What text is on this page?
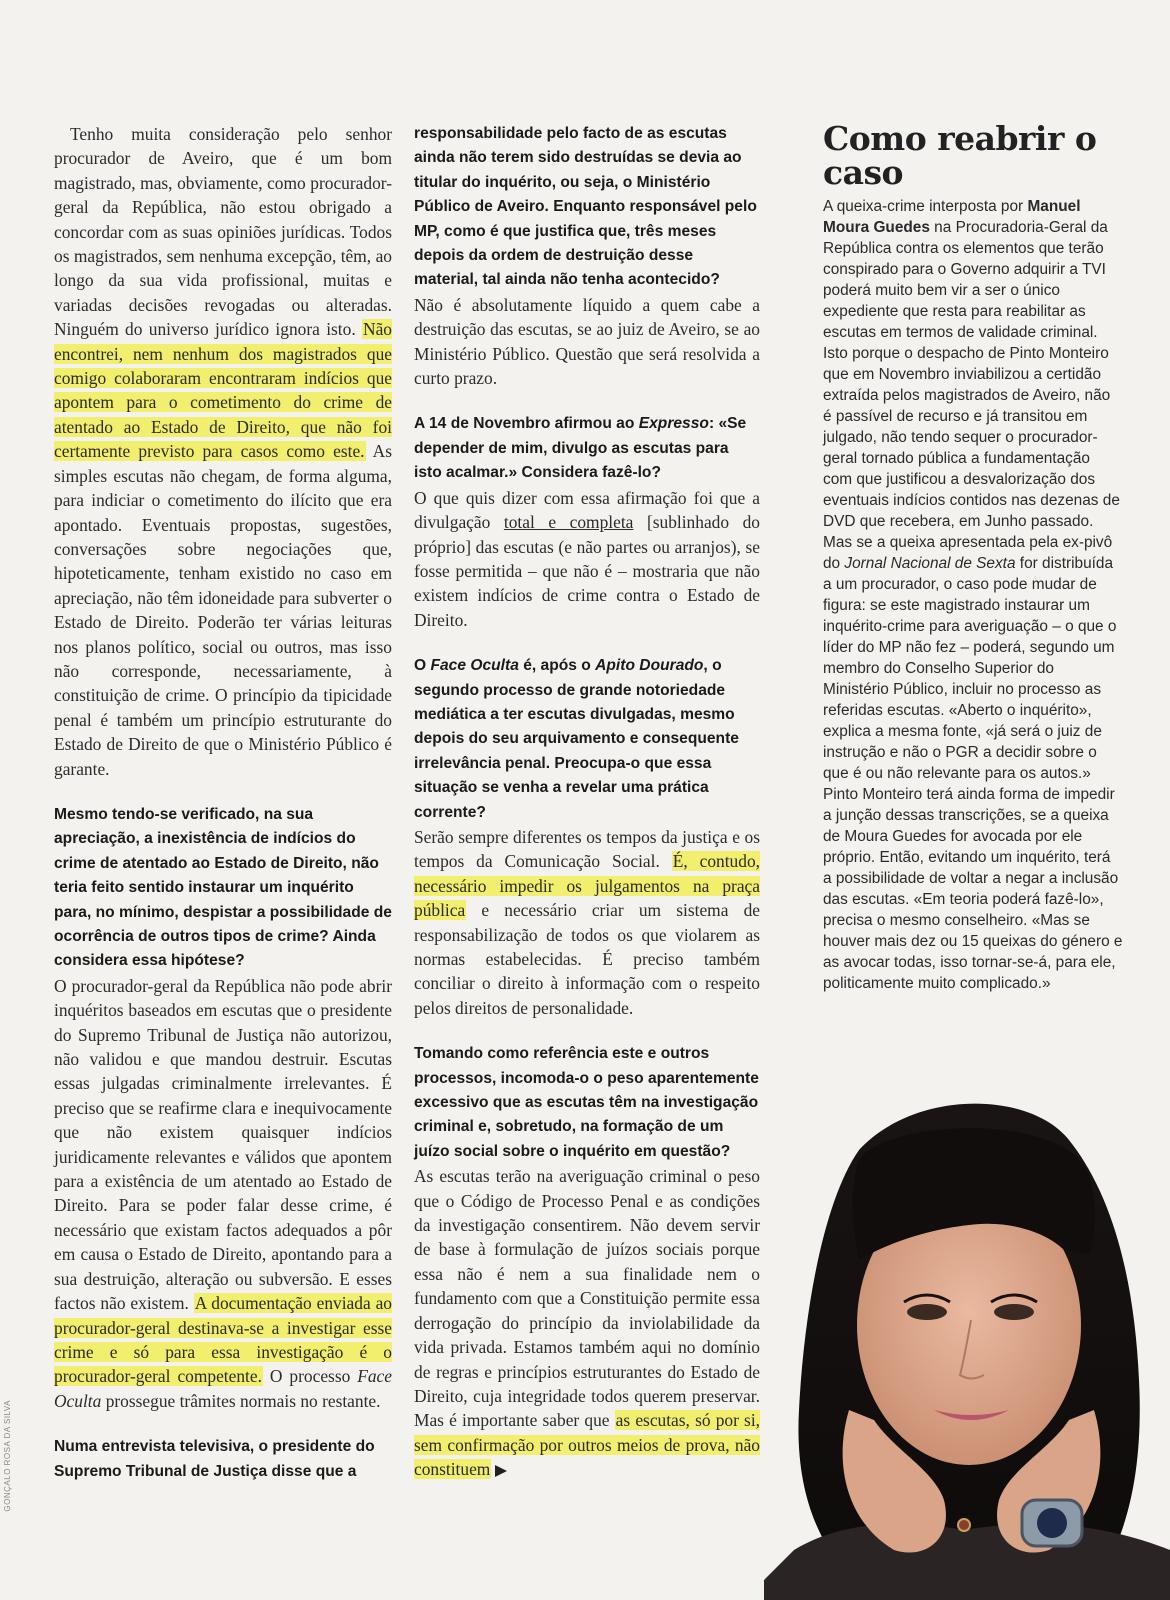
GONÇALO ROSA DA SILVA

Tenho muita consideração pelo senhor procurador de Aveiro, que é um bom magistrado, mas, obviamente, como procurador-geral da República, não estou obrigado a concordar com as suas opiniões jurídicas. Todos os magistrados, sem nenhuma excepção, têm, ao longo da sua vida profissional, muitas e variadas decisões revogadas ou alteradas. Ninguém do universo jurídico ignora isto. Não encontrei, nem nenhum dos magistrados que comigo colaboraram encontraram indícios que apontem para o cometimento do crime de atentado ao Estado de Direito, que não foi certamente previsto para casos como este. As simples escutas não chegam, de forma alguma, para indiciar o cometimento do ilícito que era apontado. Eventuais propostas, sugestões, conversações sobre negociações que, hipoteticamente, tenham existido no caso em apreciação, não têm idoneidade para subverter o Estado de Direito. Poderão ter várias leituras nos planos político, social ou outros, mas isso não corresponde, necessariamente, à constituição de crime. O princípio da tipicidade penal é também um princípio estruturante do Estado de Direito de que o Ministério Público é garante.

Mesmo tendo-se verificado, na sua apreciação, a inexistência de indícios do crime de atentado ao Estado de Direito, não teria feito sentido instaurar um inquérito para, no mínimo, despistar a possibilidade de ocorrência de outros tipos de crime? Ainda considera essa hipótese?

O procurador-geral da República não pode abrir inquéritos baseados em escutas que o presidente do Supremo Tribunal de Justiça não autorizou, não validou e que mandou destruir. Escutas essas julgadas criminalmente irrelevantes. É preciso que se reafirme clara e inequivocamente que não existem quaisquer indícios juridicamente relevantes e válidos que apontem para a existência de um atentado ao Estado de Direito. Para se poder falar desse crime, é necessário que existam factos adequados a pôr em causa o Estado de Direito, apontando para a sua destruição, alteração ou subversão. E esses factos não existem. A documentação enviada ao procurador-geral destinava-se a investigar esse crime e só para essa investigação é o procurador-geral competente. O processo Face Oculta prossegue trâmites normais no restante.

Numa entrevista televisiva, o presidente do Supremo Tribunal de Justiça disse que a

responsabilidade pelo facto de as escutas ainda não terem sido destruídas se devia ao titular do inquérito, ou seja, o Ministério Público de Aveiro. Enquanto responsável pelo MP, como é que justifica que, três meses depois da ordem de destruição desse material, tal ainda não tenha acontecido?

Não é absolutamente líquido a quem cabe a destruição das escutas, se ao juiz de Aveiro, se ao Ministério Público. Questão que será resolvida a curto prazo.

A 14 de Novembro afirmou ao Expresso: «Se depender de mim, divulgo as escutas para isto acalmar.» Considera fazê-lo?

O que quis dizer com essa afirmação foi que a divulgação total e completa [sublinhado do próprio] das escutas (e não partes ou arranjos), se fosse permitida – que não é – mostraria que não existem indícios de crime contra o Estado de Direito.

O Face Oculta é, após o Apito Dourado, o segundo processo de grande notoriedade mediática a ter escutas divulgadas, mesmo depois do seu arquivamento e consequente irrelevância penal. Preocupa-o que essa situação se venha a revelar uma prática corrente?

Serão sempre diferentes os tempos da justiça e os tempos da Comunicação Social. É, contudo, necessário impedir os julgamentos na praça pública e necessário criar um sistema de responsabilização de todos os que violarem as normas estabelecidas. É preciso também conciliar o direito à informação com o respeito pelos direitos de personalidade.

Tomando como referência este e outros processos, incomoda-o o peso aparentemente excessivo que as escutas têm na investigação criminal e, sobretudo, na formação de um juízo social sobre o inquérito em questão?

As escutas terão na averiguação criminal o peso que o Código de Processo Penal e as condições da investigação consentirem. Não devem servir de base à formulação de juízos sociais porque essa não é nem a sua finalidade nem o fundamento com que a Constituição permite essa derrogação do princípio da inviolabilidade da vida privada. Estamos também aqui no domínio de regras e princípios estruturantes do Estado de Direito, cuja integridade todos querem preservar. Mas é importante saber que as escutas, só por si, sem confirmação por outros meios de prova, não constituem

Como reabrir o caso

A queixa-crime interposta por Manuel Moura Guedes na Procuradoria-Geral da República contra os elementos que terão conspirado para o Governo adquirir a TVI poderá muito bem vir a ser o único expediente que resta para reabilitar as escutas em termos de validade criminal. Isto porque o despacho de Pinto Monteiro que em Novembro inviabilizou a certidão extraída pelos magistrados de Aveiro, não é passível de recurso e já transitou em julgado, não tendo sequer o procurador-geral tornado pública a fundamentação com que justificou a desvalorização dos eventuais indícios contidos nas dezenas de DVD que recebera, em Junho passado. Mas se a queixa apresentada pela ex-pivô do Jornal Nacional de Sexta for distribuída a um procurador, o caso pode mudar de figura: se este magistrado instaurar um inquérito-crime para averiguação – o que o líder do MP não fez – poderá, segundo um membro do Conselho Superior do Ministério Público, incluir no processo as referidas escutas. «Aberto o inquérito», explica a mesma fonte, «já será o juiz de instrução e não o PGR a decidir sobre o que é ou não relevante para os autos.» Pinto Monteiro terá ainda forma de impedir a junção dessas transcrições, se a queixa de Moura Guedes for avocada por ele próprio. Então, evitando um inquérito, terá a possibilidade de voltar a negar a inclusão das escutas. «Em teoria poderá fazê-lo», precisa o mesmo conselheiro. «Mas se houver mais dez ou 15 queixas do género e as avocar todas, isso tornar-se-á, para ele, politicamente muito complicado.»
